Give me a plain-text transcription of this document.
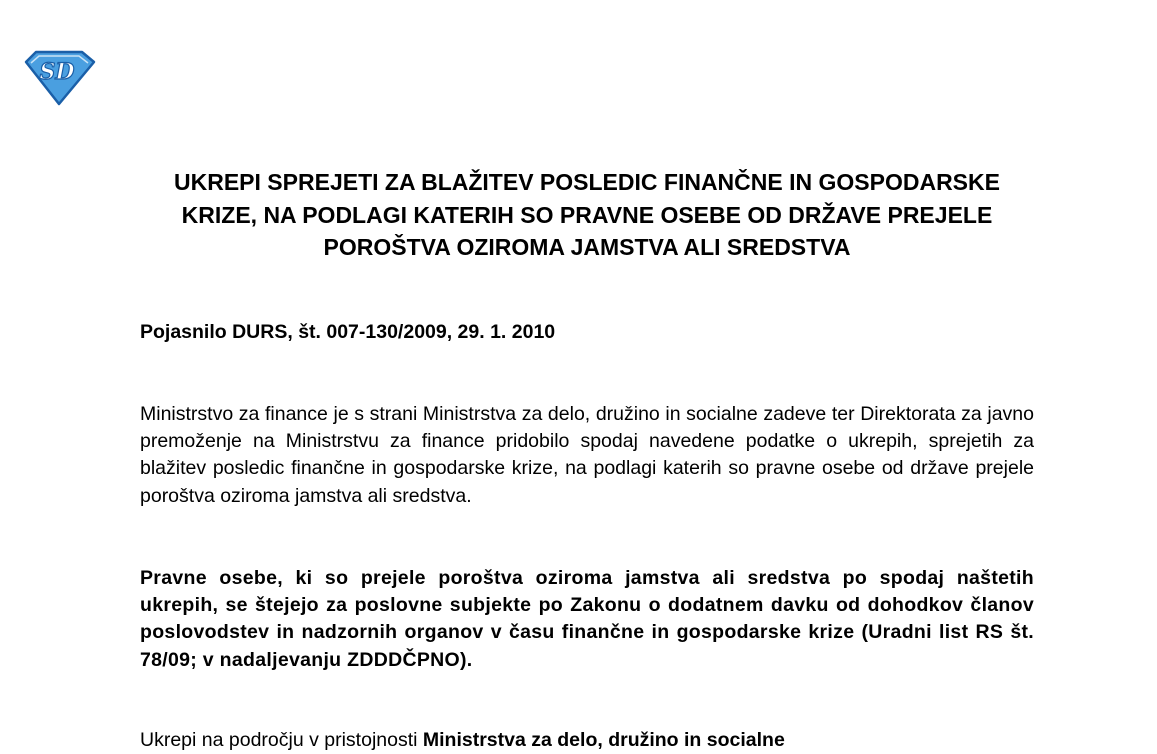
SD
UKREPI SPREJETI ZA BLAŽITEV POSLEDIC FINANČNE IN GOSPODARSKE KRIZE, NA PODLAGI KATERIH SO PRAVNE OSEBE OD DRŽAVE PREJELE POROŠTVA OZIROMA JAMSTVA ALI SREDSTVA

Pojasnilo DURS, št. 007-130/2009, 29. 1. 2010

Ministrstvo za finance je s strani Ministrstva za delo, družino in socialne zadeve ter Direktorata za javno premoženje na Ministrstvu za finance pridobilo spodaj navedene podatke o ukrepih, sprejetih za blažitev posledic finančne in gospodarske krize, na podlagi katerih so pravne osebe od države prejele poroštva oziroma jamstva ali sredstva.

Pravne osebe, ki so prejele poroštva oziroma jamstva ali sredstva po spodaj naštetih ukrepih, se štejejo za poslovne subjekte po Zakonu o dodatnem davku od dohodkov članov poslovodstev in nadzornih organov v času finančne in gospodarske krize (Uradni list RS št. 78/09; v nadaljevanju ZDDDČPNO).

Ukrepi na področju v pristojnosti Ministrstva za delo, družino in socialne
